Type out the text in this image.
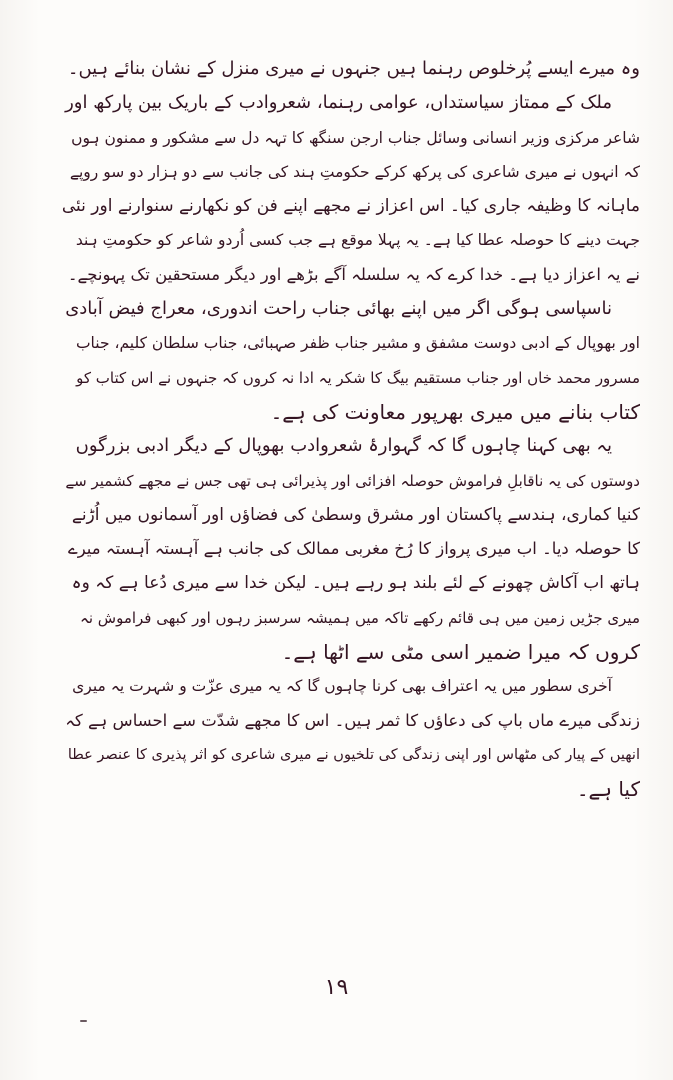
وہ میرے ایسے پُرخلوص رہنما ہیں جنہوں نے میری منزل کے نشان بنائے ہیں۔
ملک کے ممتاز سیاستداں، عوامی رہنما، شعروادب کے باریک بین پارکھ اور
شاعر مرکزی وزیر انسانی وسائل جناب ارجن سنگھ کا تہہ دل سے مشکور و ممنون ہوں
کہ انہوں نے میری شاعری کی پرکھ کرکے حکومتِ ہند کی جانب سے دو ہزار دو سو روپے
ماہانہ کا وظیفہ جاری کیا۔ اس اعزاز نے مجھے اپنے فن کو نکھارنے سنوارنے اور نئی
جہت دینے کا حوصلہ عطا کیا ہے۔ یہ پہلا موقع ہے جب کسی اُردو شاعر کو حکومتِ ہند
نے یہ اعزاز دیا ہے۔ خدا کرے کہ یہ سلسلہ آگے بڑھے اور دیگر مستحقین تک پہونچے۔
ناسپاسی ہوگی اگر میں اپنے بھائی جناب راحت اندوری، معراج فیض آبادی
اور بھوپال کے ادبی دوست مشفق و مشیر جناب ظفر صہبائی، جناب سلطان کلیم، جناب
مسرور محمد خاں اور جناب مستقیم بیگ کا شکر یہ ادا نہ کروں کہ جنہوں نے اس کتاب کو
کتاب بنانے میں میری بھرپور معاونت کی ہے۔
یہ بھی کہنا چاہوں گا کہ گہوارۂ شعروادب بھوپال کے دیگر ادبی بزرگوں
دوستوں کی یہ ناقابلِ فراموش حوصلہ افزائی اور پذیرائی ہی تھی جس نے مجھے کشمیر سے
کنیا کماری، ہندسے پاکستان اور مشرق وسطیٰ کی فضاؤں اور آسمانوں میں اُڑنے
کا حوصلہ دیا۔ اب میری پرواز کا رُخ مغربی ممالک کی جانب ہے آہستہ آہستہ میرے
ہاتھ اب آکاش چھونے کے لئے بلند ہو رہے ہیں۔ لیکن خدا سے میری دُعا ہے کہ وہ
میری جڑیں زمین میں ہی قائم رکھے تاکہ میں ہمیشہ سرسبز رہوں اور کبھی فراموش نہ
کروں کہ میرا ضمیر اسی مٹی سے اٹھا ہے۔
آخری سطور میں یہ اعتراف بھی کرنا چاہوں گا کہ یہ میری عزّت و شہرت یہ میری
زندگی میرے ماں باپ کی دعاؤں کا ثمر ہیں۔ اس کا مجھے شدّت سے احساس ہے کہ
انھیں کے پیار کی مٹھاس اور اپنی زندگی کی تلخیوں نے میری شاعری کو اثر پذیری کا عنصر عطا
کیا ہے۔
۱۹
